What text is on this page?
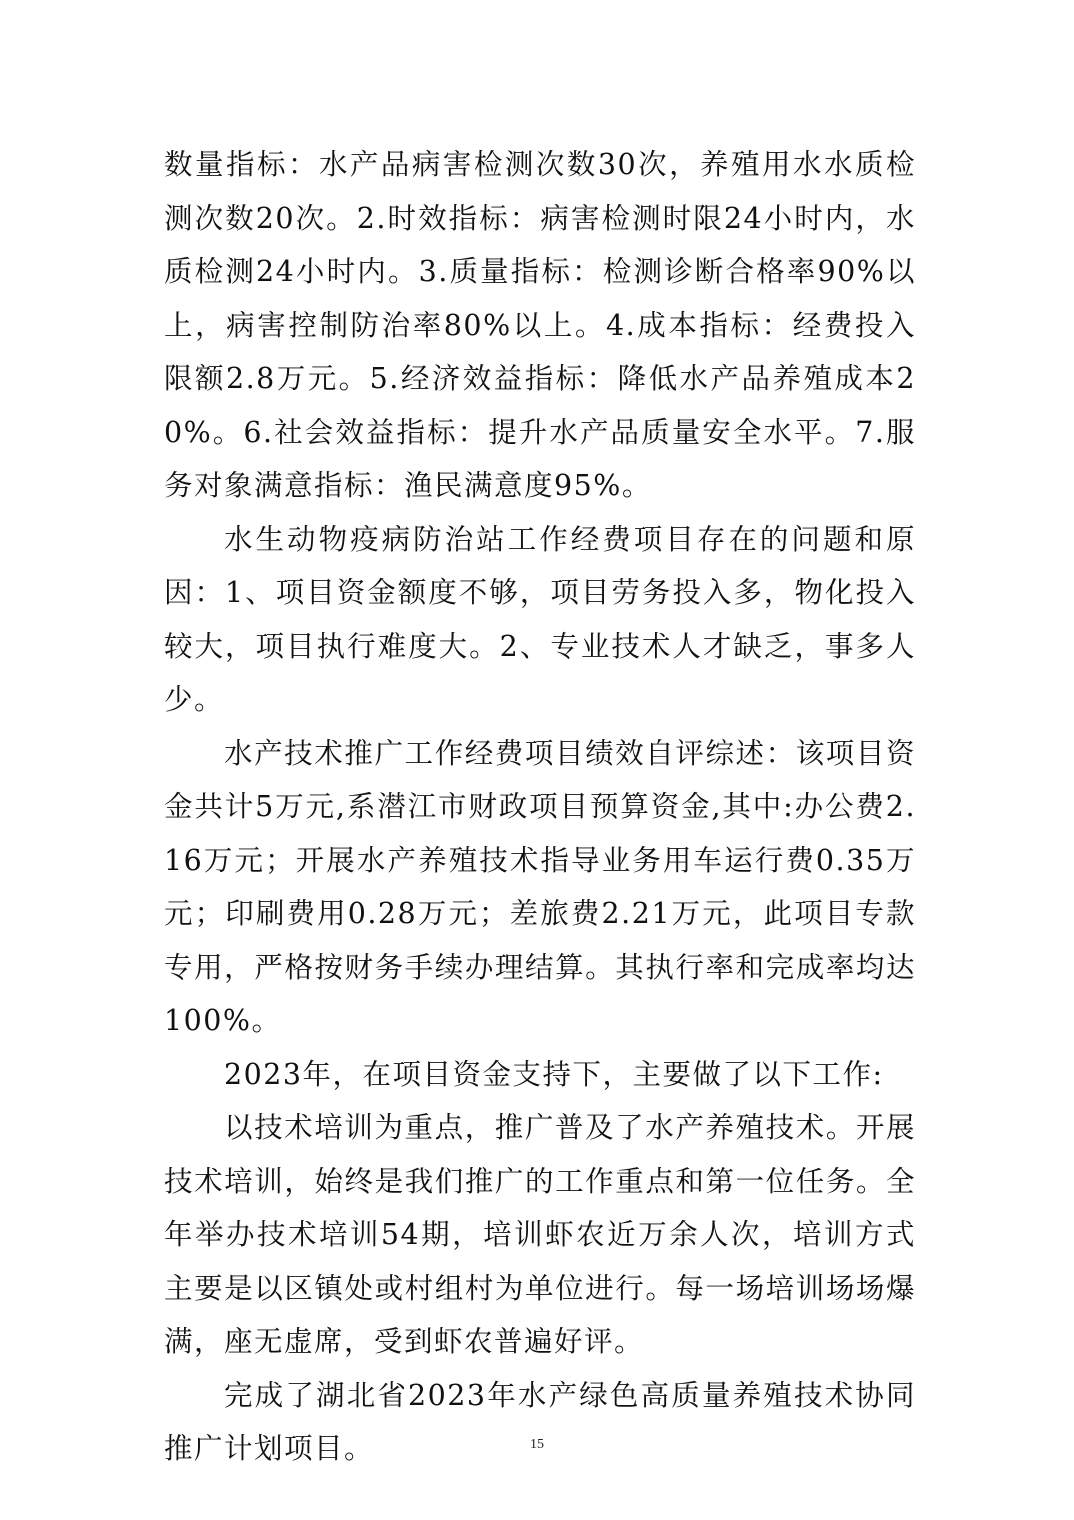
数量指标：水产品病害检测次数30次，养殖用水水质检测次数20次。2.时效指标：病害检测时限24小时内，水质检测24小时内。3.质量指标：检测诊断合格率90%以上，病害控制防治率80%以上。4.成本指标：经费投入限额2.8万元。5.经济效益指标：降低水产品养殖成本20%。6.社会效益指标：提升水产品质量安全水平。7.服务对象满意指标：渔民满意度95%。

水生动物疫病防治站工作经费项目存在的问题和原因：1、项目资金额度不够，项目劳务投入多，物化投入较大，项目执行难度大。2、专业技术人才缺乏，事多人少。

水产技术推广工作经费项目绩效自评综述：该项目资金共计5万元,系潜江市财政项目预算资金,其中:办公费2.16万元；开展水产养殖技术指导业务用车运行费0.35万元；印刷费用0.28万元；差旅费2.21万元，此项目专款专用，严格按财务手续办理结算。其执行率和完成率均达100%。

2023年，在项目资金支持下，主要做了以下工作:

以技术培训为重点，推广普及了水产养殖技术。开展技术培训，始终是我们推广的工作重点和第一位任务。全年举办技术培训54期，培训虾农近万余人次，培训方式主要是以区镇处或村组村为单位进行。每一场培训场场爆满，座无虚席，受到虾农普遍好评。

完成了湖北省2023年水产绿色高质量养殖技术协同推广计划项目。	15
